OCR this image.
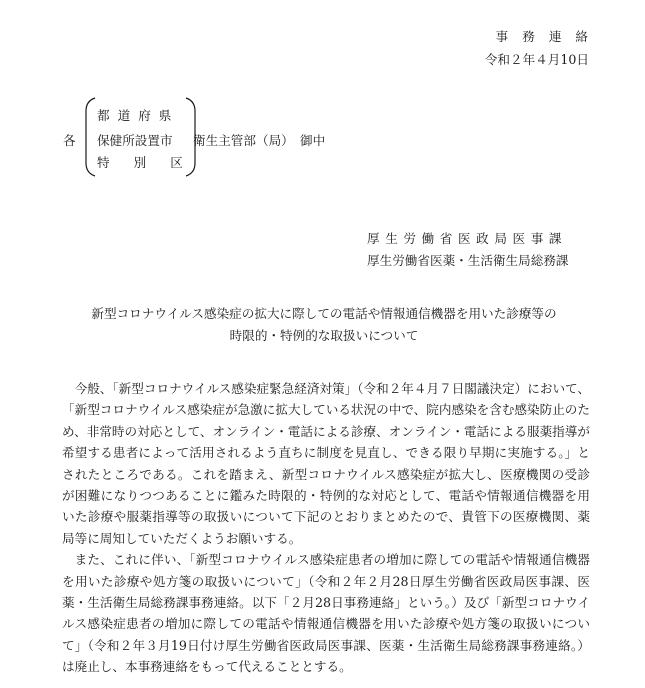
事務連絡
令和２年４月10日
各
都道府県
保健所設置市
特別区
衛生主管部（局）　御中
厚生労働省医政局医事課
厚生労働省医薬・生活衛生局総務課
新型コロナウイルス感染症の拡大に際しての電話や情報通信機器を用いた診療等の
時限的・特例的な取扱いについて

今般、「新型コロナウイルス感染症緊急経済対策」（令和２年４月７日閣議決定）において、「新型コロナウイルス感染症が急激に拡大している状況の中で、院内感染を含む感染防止のため、非常時の対応として、オンライン・電話による診療、オンライン・電話による服薬指導が希望する患者によって活用されるよう直ちに制度を見直し、できる限り早期に実施する。」とされたところである。これを踏まえ、新型コロナウイルス感染症が拡大し、医療機関の受診が困難になりつつあることに鑑みた時限的・特例的な対応として、電話や情報通信機器を用いた診療や服薬指導等の取扱いについて下記のとおりまとめたので、貴管下の医療機関、薬局等に周知していただくようお願いする。

また、これに伴い、「新型コロナウイルス感染症患者の増加に際しての電話や情報通信機器を用いた診療や処方箋の取扱いについて」（令和２年２月28日厚生労働省医政局医事課、医薬・生活衛生局総務課事務連絡。以下「２月28日事務連絡」という。）及び「新型コロナウイルス感染症患者の増加に際しての電話や情報通信機器を用いた診療や処方箋の取扱いについて」（令和２年３月19日付け厚生労働省医政局医事課、医薬・生活衛生局総務課事務連絡。）は廃止し、本事務連絡をもって代えることとする。
